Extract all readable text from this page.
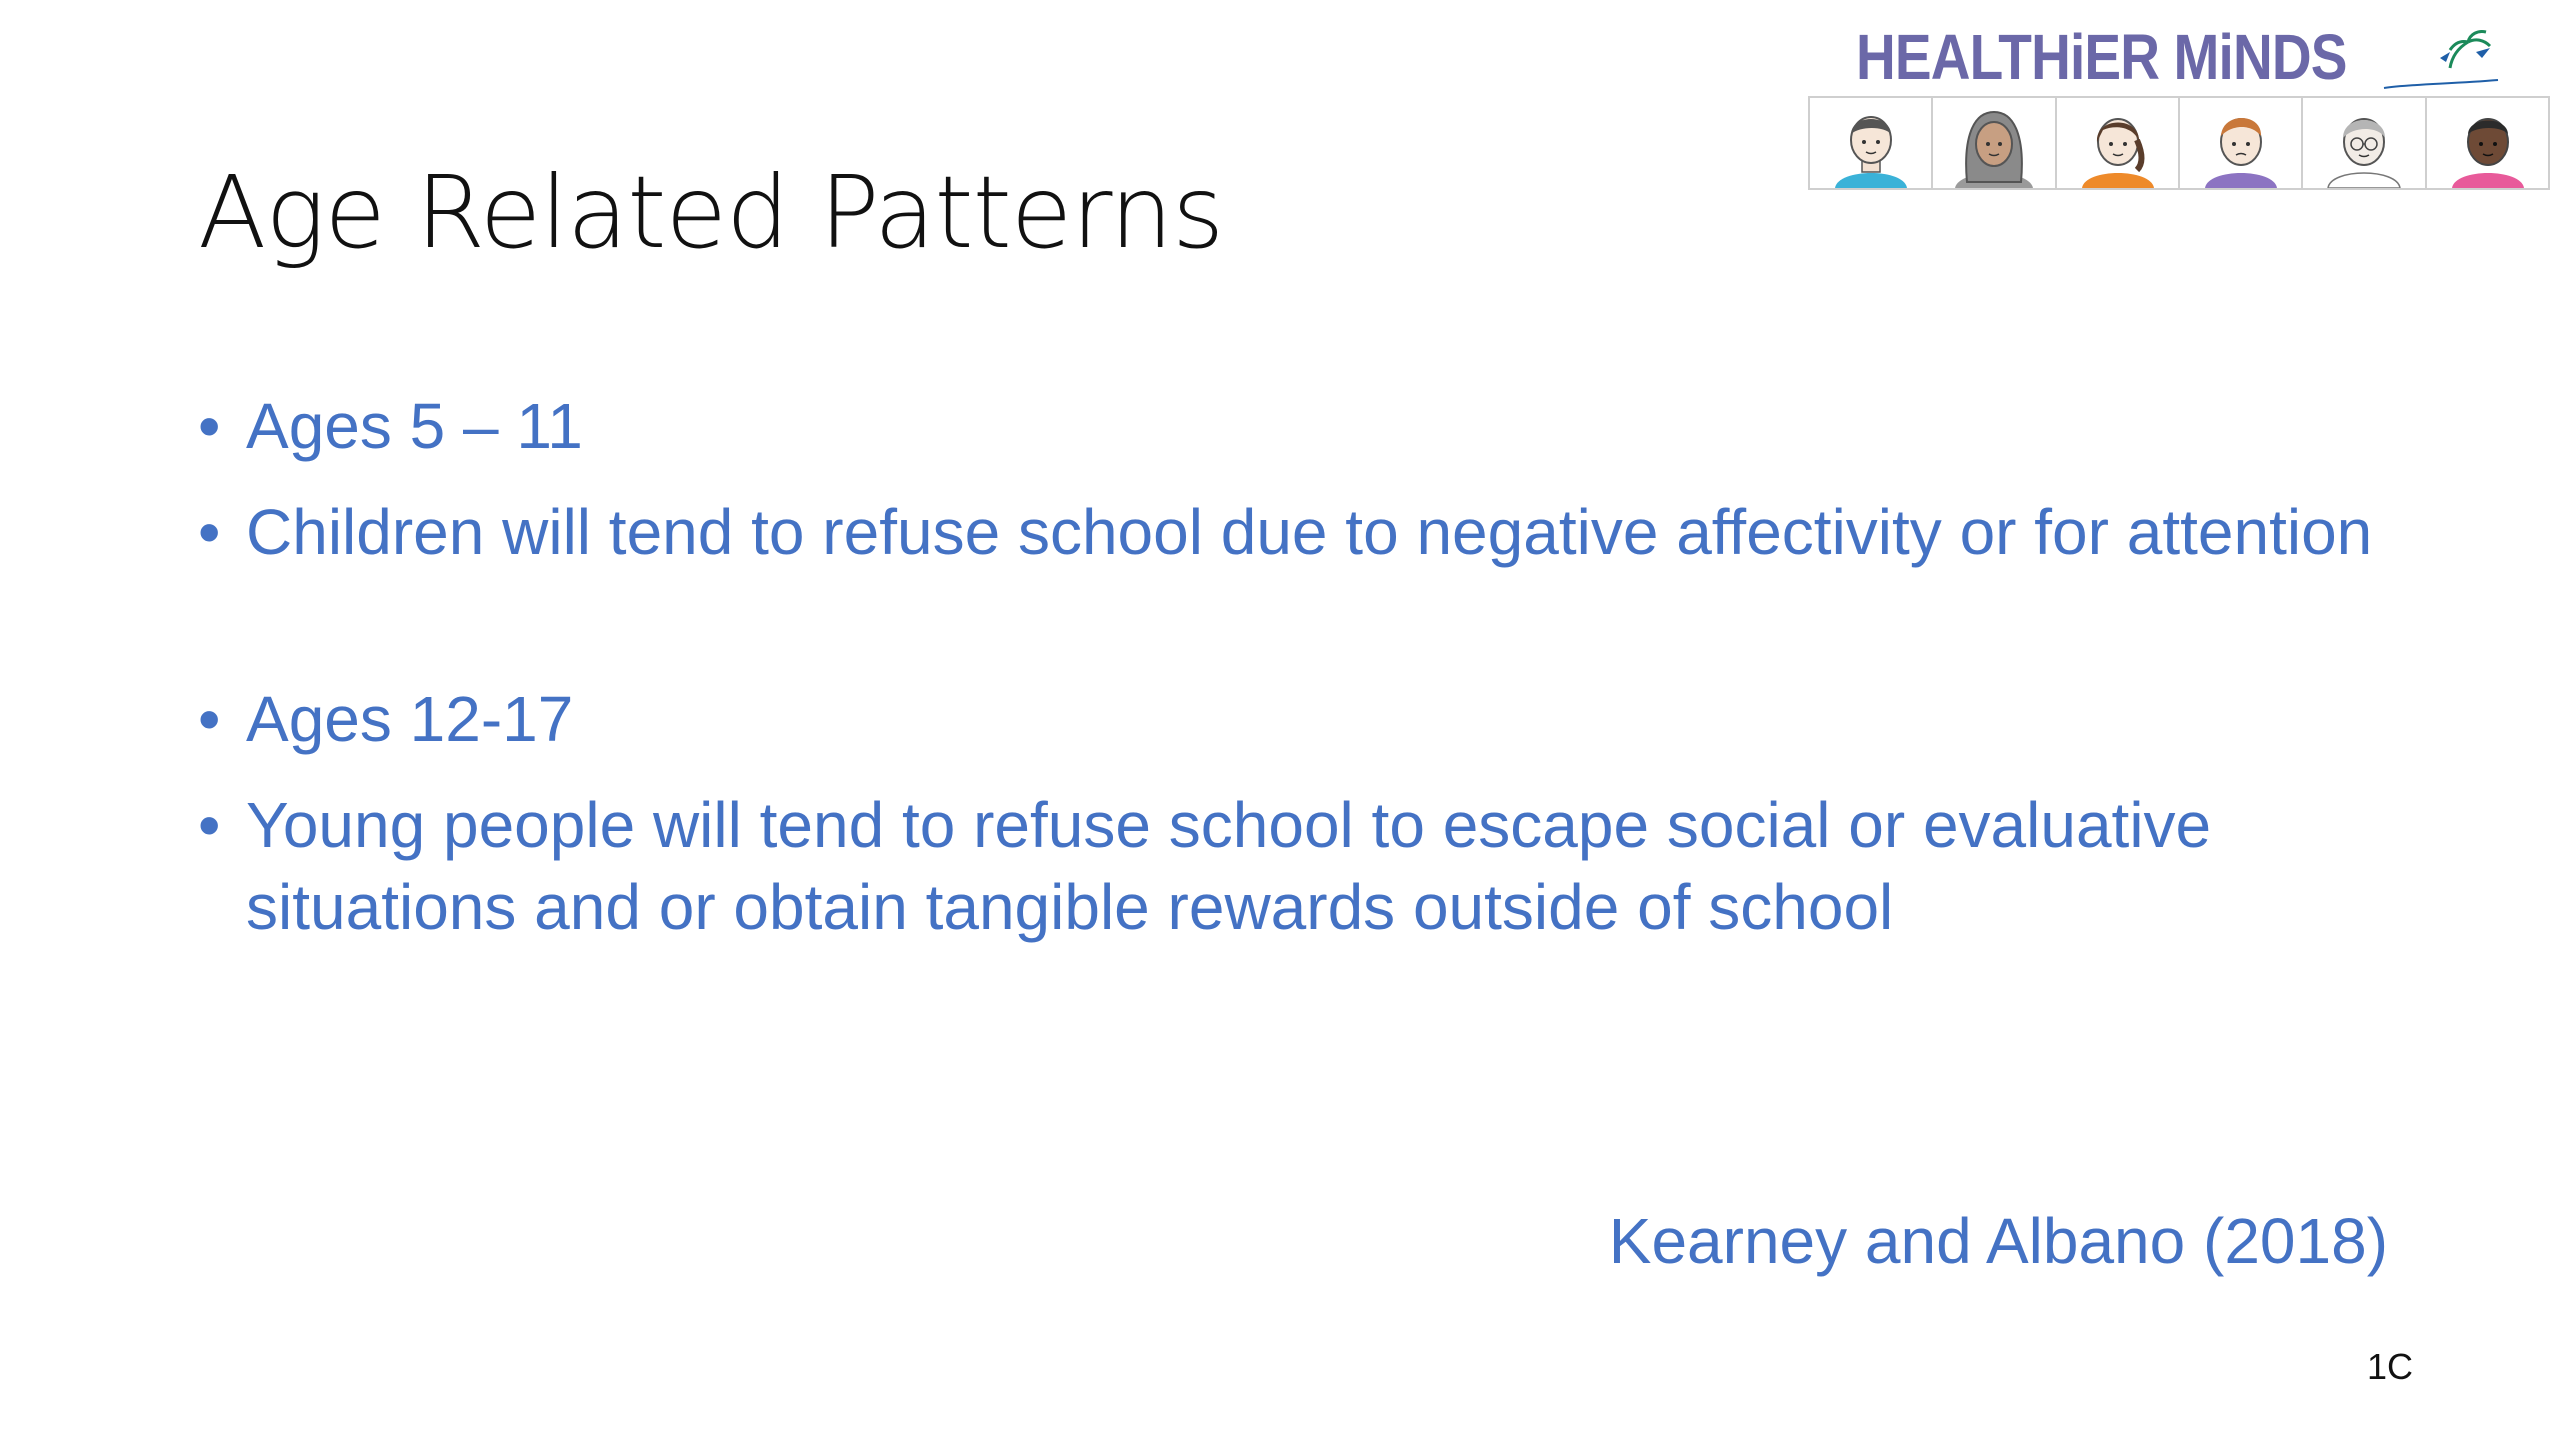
Age Related Patterns
• Ages 5 – 11
• Children will tend to refuse school due to negative affectivity or for attention
• Ages 12-17
• Young people will tend to refuse school to escape social or evaluative situations and or obtain tangible rewards outside of school
Kearney and Albano (2018)
1C
HEALTHiER MiNDS
